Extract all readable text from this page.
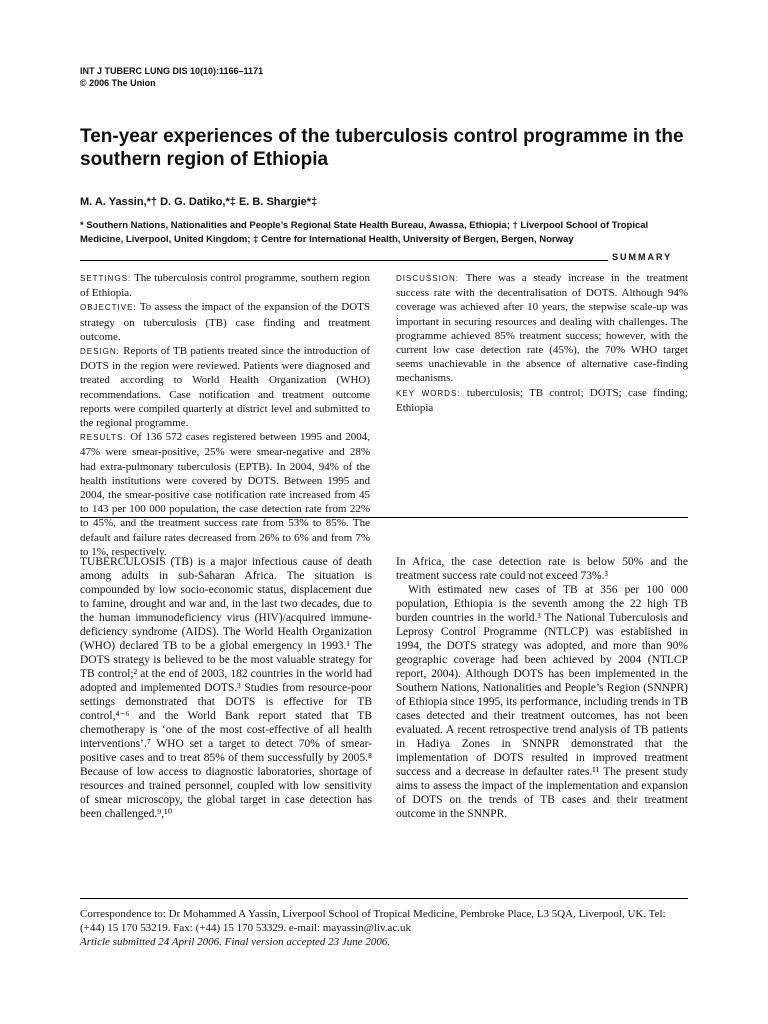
INT J TUBERC LUNG DIS 10(10):1166–1171
© 2006 The Union
Ten-year experiences of the tuberculosis control programme in the southern region of Ethiopia
M. A. Yassin,*† D. G. Datiko,*‡ E. B. Shargie*‡
* Southern Nations, Nationalities and People’s Regional State Health Bureau, Awassa, Ethiopia; † Liverpool School of Tropical Medicine, Liverpool, United Kingdom; ‡ Centre for International Health, University of Bergen, Bergen, Norway
SUMMARY

SETTINGS: The tuberculosis control programme, southern region of Ethiopia.

OBJECTIVE: To assess the impact of the expansion of the DOTS strategy on tuberculosis (TB) case finding and treatment outcome.

DESIGN: Reports of TB patients treated since the introduction of DOTS in the region were reviewed. Patients were diagnosed and treated according to World Health Organization (WHO) recommendations. Case notification and treatment outcome reports were compiled quarterly at district level and submitted to the regional programme.

RESULTS: Of 136 572 cases registered between 1995 and 2004, 47% were smear-positive, 25% were smear-negative and 28% had extra-pulmonary tuberculosis (EPTB). In 2004, 94% of the health institutions were covered by DOTS. Between 1995 and 2004, the smear-positive case notification rate increased from 45 to 143 per 100 000 population, the case detection rate from 22% to 45%, and the treatment success rate from 53% to 85%. The default and failure rates decreased from 26% to 6% and from 7% to 1%, respectively.

DISCUSSION: There was a steady increase in the treatment success rate with the decentralisation of DOTS. Although 94% coverage was achieved after 10 years, the stepwise scale-up was important in securing resources and dealing with challenges. The programme achieved 85% treatment success; however, with the current low case detection rate (45%), the 70% WHO target seems unachievable in the absence of alternative case-finding mechanisms.

KEY WORDS: tuberculosis; TB control; DOTS; case finding; Ethiopia

TUBERCULOSIS (TB) is a major infectious cause of death among adults in sub-Saharan Africa. The situation is compounded by low socio-economic status, displacement due to famine, drought and war and, in the last two decades, due to the human immunodeficiency virus (HIV)/acquired immune-deficiency syndrome (AIDS). The World Health Organization (WHO) declared TB to be a global emergency in 1993.¹ The DOTS strategy is believed to be the most valuable strategy for TB control;² at the end of 2003, 182 countries in the world had adopted and implemented DOTS.³ Studies from resource-poor settings demonstrated that DOTS is effective for TB control,⁴⁻⁶ and the World Bank report stated that TB chemotherapy is ‘one of the most cost-effective of all health interventions’.⁷ WHO set a target to detect 70% of smear-positive cases and to treat 85% of them successfully by 2005.⁸ Because of low access to diagnostic laboratories, shortage of resources and trained personnel, coupled with low sensitivity of smear microscopy, the global target in case detection has been challenged.⁹,¹⁰

In Africa, the case detection rate is below 50% and the treatment success rate could not exceed 73%.³

With estimated new cases of TB at 356 per 100 000 population, Ethiopia is the seventh among the 22 high TB burden countries in the world.³ The National Tuberculosis and Leprosy Control Programme (NTLCP) was established in 1994, the DOTS strategy was adopted, and more than 90% geographic coverage had been achieved by 2004 (NTLCP report, 2004). Although DOTS has been implemented in the Southern Nations, Nationalities and People’s Region (SNNPR) of Ethiopia since 1995, its performance, including trends in TB cases detected and their treatment outcomes, has not been evaluated. A recent retrospective trend analysis of TB patients in Hadiya Zones in SNNPR demonstrated that the implementation of DOTS resulted in improved treatment success and a decrease in defaulter rates.¹¹ The present study aims to assess the impact of the implementation and expansion of DOTS on the trends of TB cases and their treatment outcome in the SNNPR.

Correspondence to: Dr Mohammed A Yassin, Liverpool School of Tropical Medicine, Pembroke Place, L3 5QA, Liverpool, UK. Tel: (+44) 15 170 53219. Fax: (+44) 15 170 53329. e-mail: mayassin@liv.ac.uk

Article submitted 24 April 2006. Final version accepted 23 June 2006.
